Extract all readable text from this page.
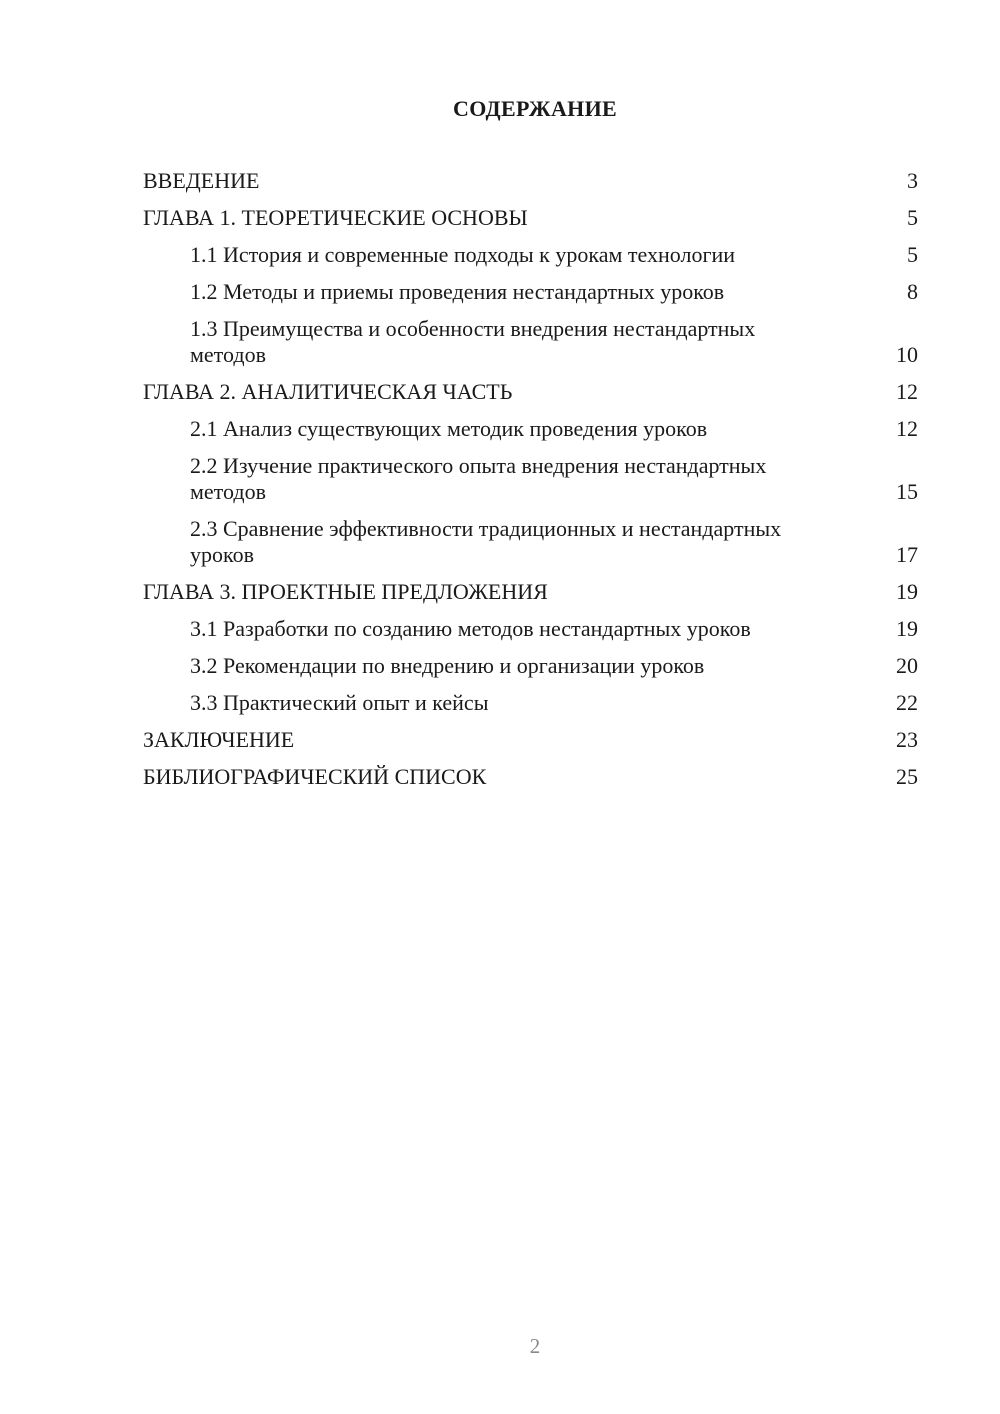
СОДЕРЖАНИЕ
ВВЕДЕНИЕ	3
ГЛАВА 1. ТЕОРЕТИЧЕСКИЕ ОСНОВЫ	5
1.1 История и современные подходы к урокам технологии	5
1.2 Методы и приемы проведения нестандартных уроков	8
1.3 Преимущества и особенности внедрения нестандартных методов	10
ГЛАВА 2. АНАЛИТИЧЕСКАЯ ЧАСТЬ	12
2.1 Анализ существующих методик проведения уроков	12
2.2 Изучение практического опыта внедрения нестандартных методов	15
2.3 Сравнение эффективности традиционных и нестандартных уроков	17
ГЛАВА 3. ПРОЕКТНЫЕ ПРЕДЛОЖЕНИЯ	19
3.1 Разработки по созданию методов нестандартных уроков	19
3.2 Рекомендации по внедрению и организации уроков	20
3.3 Практический опыт и кейсы	22
ЗАКЛЮЧЕНИЕ	23
БИБЛИОГРАФИЧЕСКИЙ СПИСОК	25
2
